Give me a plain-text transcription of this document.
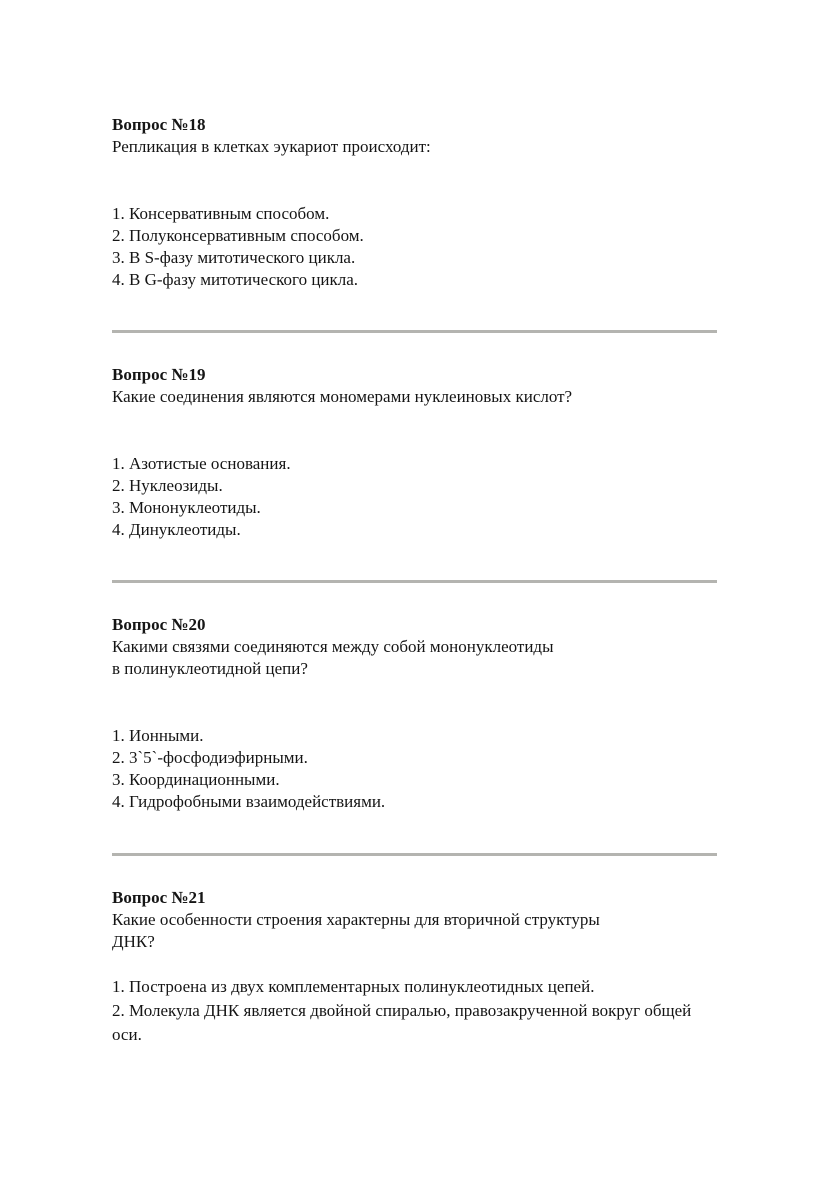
Вопрос №18

Репликация в клетках эукариот происходит:

1. Консервативным способом.
2. Полуконсервативным способом.
3. В S-фазу митотического цикла.
4. В G-фазу митотического цикла.

Вопрос №19

Какие соединения являются мономерами нуклеиновых кислот?

1. Азотистые основания.
2. Нуклеозиды.
3. Мононуклеотиды.
4. Динуклеотиды.

Вопрос №20

Какими связями соединяются между собой мононуклеотиды
в полинуклеотидной цепи?

1. Ионными.
2. 3`5`-фосфодиэфирными.
3. Координационными.
4. Гидрофобными взаимодействиями.

Вопрос №21

Какие особенности строения характерны для вторичной структуры
ДНК?

1. Построена из двух комплементарных полинуклеотидных цепей.
2. Молекула ДНК является двойной спиралью, правозакрученной вокруг общей оси.
